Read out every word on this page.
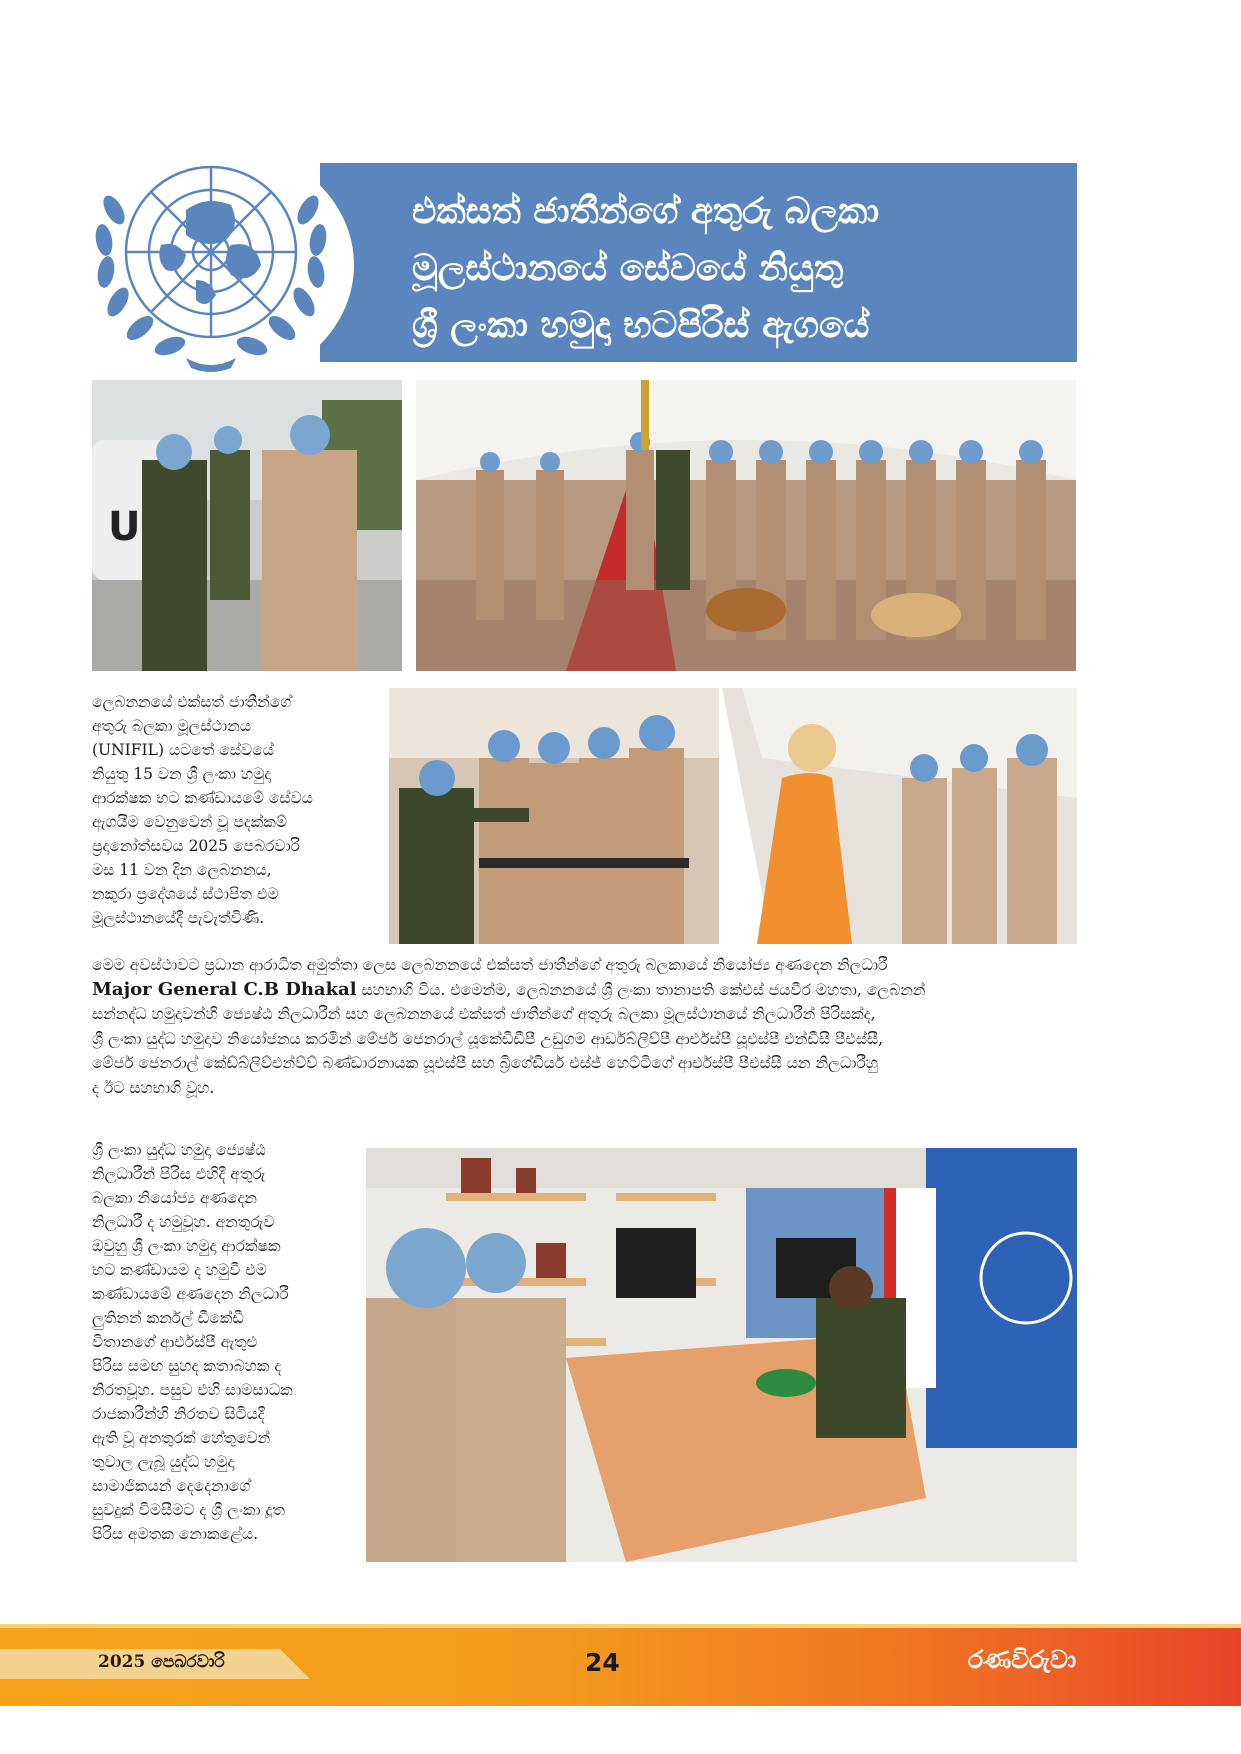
එක්සත් ජාතීන්ගේ අතුරු බලකා
මූලස්ථානයේ සේවයේ නියුතු
ශ්‍රී ලංකා හමුදා භටපිරිස් ඇගයේ
U
ලෙබනනයේ එක්සත් ජාතීන්ගේ
අතුරු බලකා මූලස්ථානය
(UNIFIL) යටතේ සේවයේ
නියුතු 15 වන ශ්‍රී ලංකා හමුදා
ආරක්ෂක භට කණ්ඩායමේ සේවය
ඇගයීම වෙනුවෙන් වූ පදක්කම්
ප්‍රදානෝත්සවය 2025 පෙබරවාරි
මස 11 වන දින ලෙබනනය,
නකුරා ප්‍රදේශයේ ස්ථාපිත එම
මූලස්ථානයේදී පැවැත්විණි.
මෙම අවස්ථාවට ප්‍රධාන ආරාධිත අමුත්තා ලෙස ලෙබනනයේ එක්සත් ජාතීන්ගේ අතුරු බලකායේ නියෝජ්‍ය අණදෙන නිලධාරී
Major General C.B Dhakal සහභාගි විය. එමෙන්ම, ලෙබනනයේ ශ්‍රී ලංකා තානාපති කේඑස් ජයවීර මහතා, ලෙබනන්
සන්නද්ධ හමුදාවන්හි ජ්‍යෙෂ්ඨ නිලධාරීන් සහ ලෙබනනයේ එක්සත් ජාතීන්ගේ අතුරු බලකා මූලස්ථානයේ නිලධාරීන් පිරිසක්ද,
ශ්‍රී ලංකා යුද්ධ හමුදාව නියෝජනය කරමින් මේජර් ජෙනරාල් යූකේඩීඩීපී උඩුගම ආර්ඩබ්ලිව්පී ආර්එස්පී යූඑස්පී එන්ඩීසී පීඑස්සී,
මේජර් ජෙනරාල් කේඩ්බ්ලිව්එන්ව්ව් බණ්ඩාරනායක යූඑස්පී සහ බ්‍රිගේඩියර් එස්ජ් හෙට්ටිගේ ආර්එස්පී පීඑස්සී යන නිලධාරීහු
ද ඊට සහභාගි වූහ.
ශ්‍රී ලංකා යුද්ධ හමුදා ජ්‍යෙෂ්ඨ
නිලධාරීන් පිරිස එහිදී අතුරු
බලකා නියෝජ්‍ය අණදෙන
නිලධාරී ද හමුවූහ. අනතුරුව
ඔවුහු ශ්‍රී ලංකා හමුදා ආරක්ෂක
භට කණ්ඩායම ද හමුවී එම
කණ්ඩායමේ අණදෙන නිලධාරී
ලුතිනන් කර්නල් ඩීකේඩී
විතානගේ ආර්එස්පී ඇතුළු
පිරිස සමඟ සුහද කතාබහක ද
නිරතවූහ. පසුව එහි සාමසාධක
රාජකාරීන්හි නිරතව සිටියදී
ඇති වූ අනතුරක් හේතුවෙන්
තුවාල ලැබූ යුද්ධ හමුදා
සාමාජිකයන් දෙදෙනාගේ
සුවදුක් විමසීමට ද ශ්‍රී ලංකා දූත
පිරිස අමතක නොකළේය.
2025 පෙබරවාරි	24	රණවිරුවා
